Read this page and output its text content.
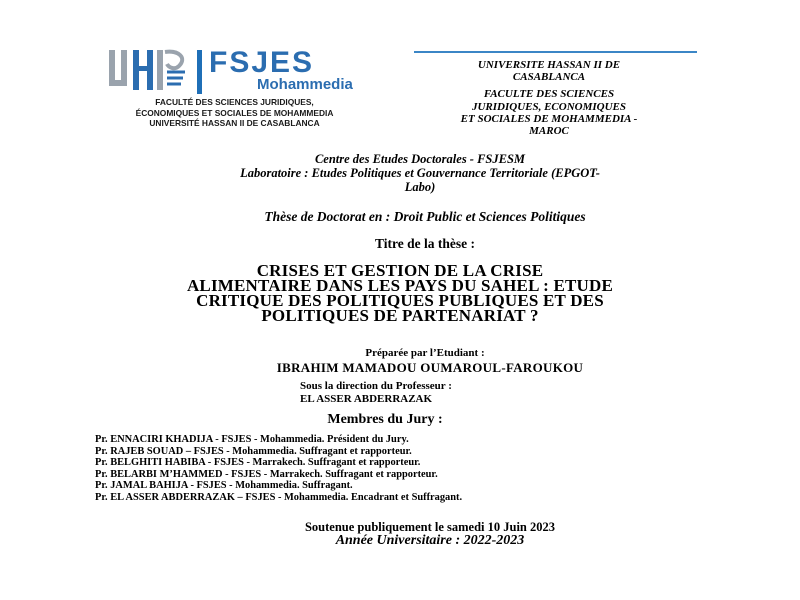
FSJES
Mohammedia
FACULTÉ DES SCIENCES JURIDIQUES,
ÉCONOMIQUES ET SOCIALES DE MOHAMMEDIA
UNIVERSITÉ HASSAN II DE CASABLANCA
UNIVERSITE HASSAN II DE
CASABLANCA
FACULTE DES SCIENCES
JURIDIQUES, ECONOMIQUES
ET SOCIALES DE MOHAMMEDIA -
MAROC
Centre des Etudes Doctorales - FSJESM
Laboratoire : Etudes Politiques et Gouvernance Territoriale (EPGOT-
Labo)
Thèse de Doctorat en : Droit Public et Sciences Politiques
Titre de la thèse :
CRISES ET GESTION DE LA CRISE
ALIMENTAIRE DANS LES PAYS DU SAHEL : ETUDE
CRITIQUE DES POLITIQUES PUBLIQUES ET DES
POLITIQUES DE PARTENARIAT ?
Préparée par l’Etudiant :
IBRAHIM MAMADOU OUMAROUL-FAROUKOU
Sous la direction du Professeur :
EL ASSER ABDERRAZAK
Membres du Jury :
Pr. ENNACIRI KHADIJA - FSJES - Mohammedia. Président du Jury.
Pr. RAJEB SOUAD – FSJES - Mohammedia. Suffragant et rapporteur.
Pr. BELGHITI HABIBA - FSJES - Marrakech. Suffragant et rapporteur.
Pr. BELARBI M’HAMMED - FSJES - Marrakech. Suffragant et rapporteur.
Pr. JAMAL BAHIJA - FSJES - Mohammedia. Suffragant.
Pr. EL ASSER ABDERRAZAK – FSJES - Mohammedia. Encadrant et Suffragant.
Soutenue publiquement le samedi 10 Juin 2023
Année Universitaire : 2022-2023
